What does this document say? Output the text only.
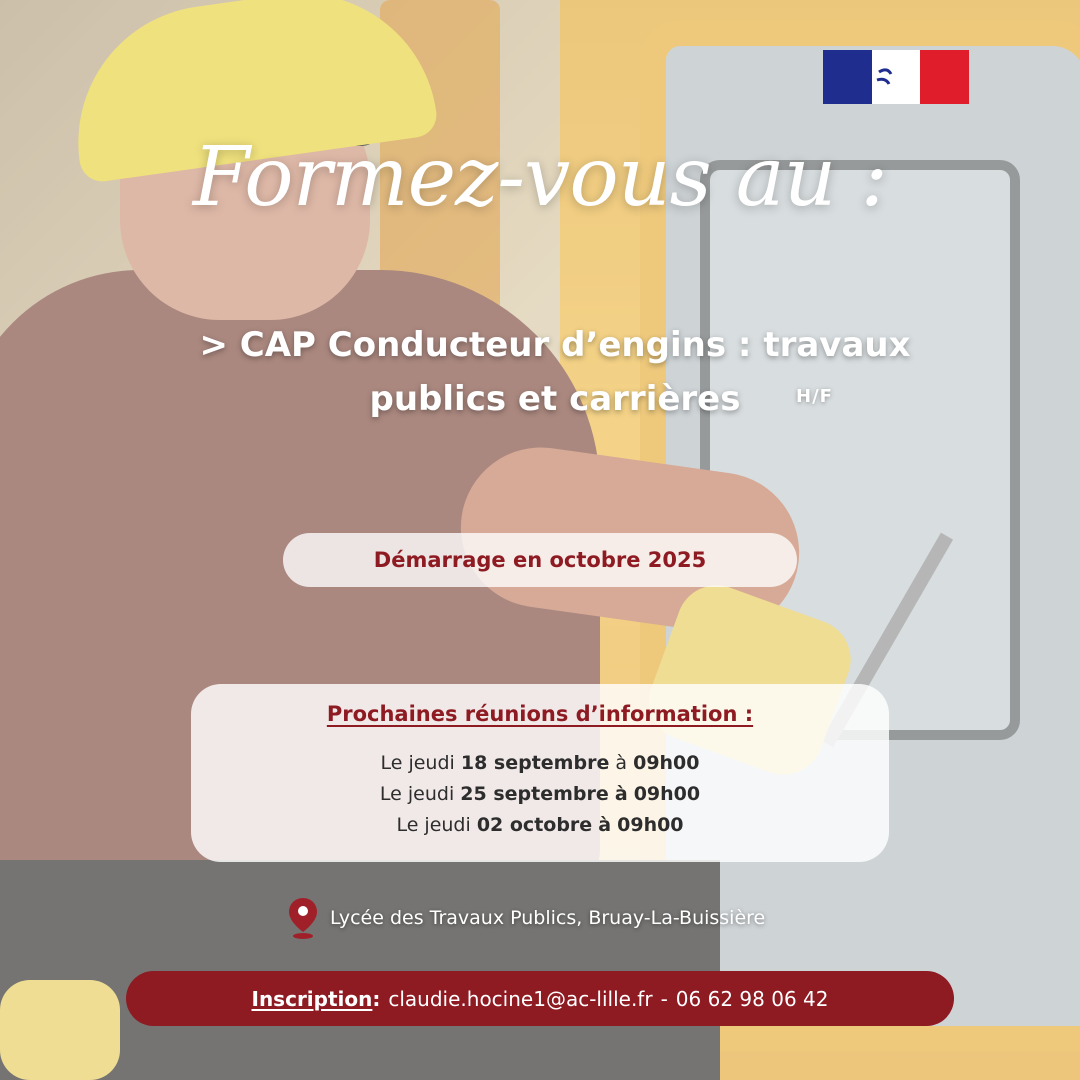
Formez-vous au :
> CAP Conducteur d’engins : travaux
publics et carrières	H/F
Démarrage en octobre 2025
Prochaines réunions d’information :
Le jeudi 18 septembre à 09h00
Le jeudi 25 septembre à 09h00
Le jeudi 02 octobre à 09h00
Lycée des Travaux Publics, Bruay-La-Buissière
Inscription : claudie.hocine1@ac-lille.fr - 06 62 98 06 42
